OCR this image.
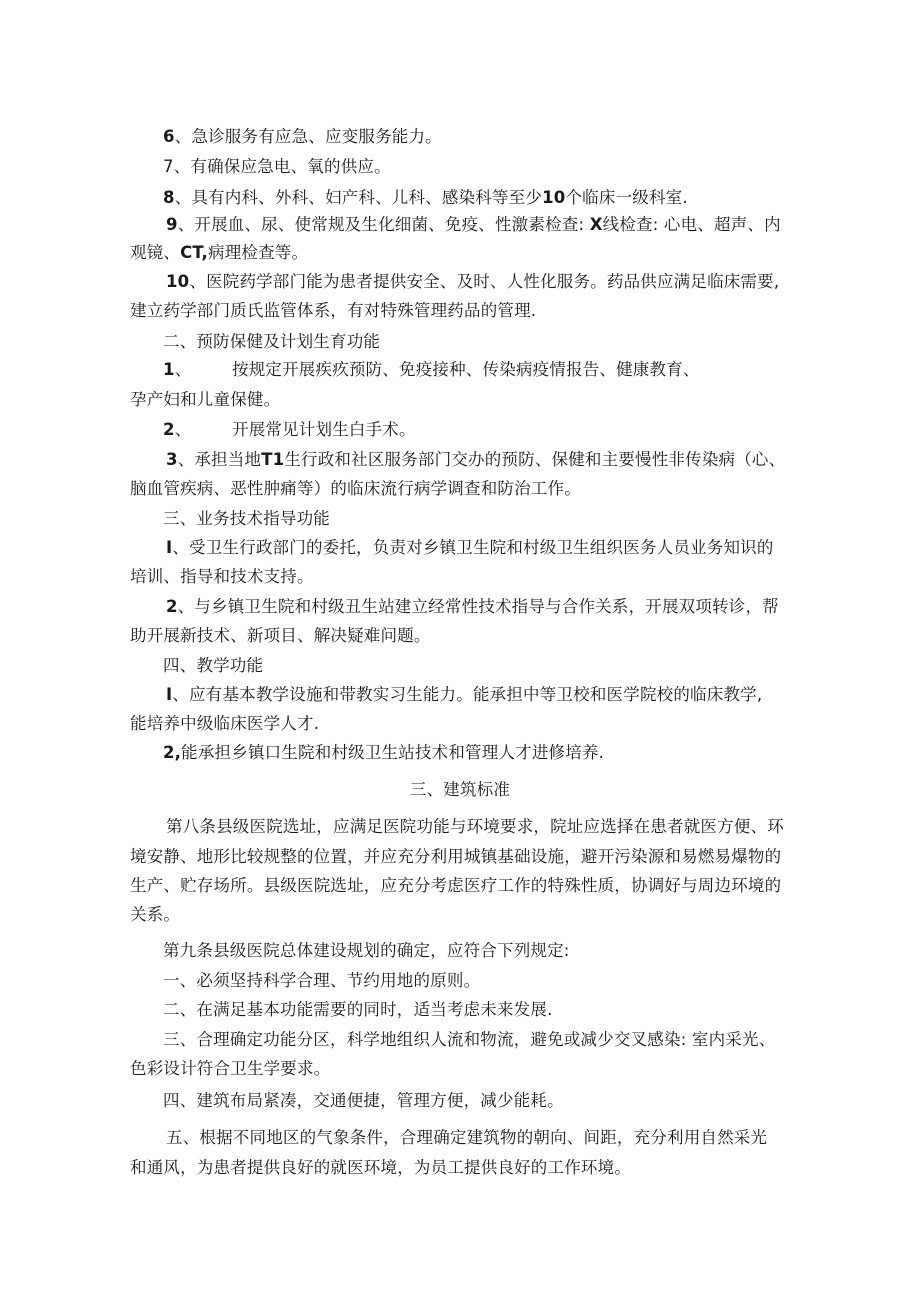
6、急诊服务有应急、应变服务能力。
7、有确保应急电、氧的供应。
8、具有内科、外科、妇产科、儿科、感染科等至少10个临床一级科室.
9、开展血、尿、使常规及生化细菌、免疫、性激素检查: X线检查: 心电、超声、内
观镜、CT,病理检查等。
10、医院药学部门能为患者提供安全、及时、人性化服务。药品供应满足临床需要,
建立药学部门质氏监管体系，有对特殊管理药品的管理.
二、预防保健及计划生育功能
1、 按规定开展疾疚预防、免疫接种、传染病疫情报告、健康教育、
孕产妇和儿童保健。
2、 开展常见计划生白手术。
3、承担当地T1生行政和社区服务部门交办的预防、保健和主要慢性非传染病（心、
脑血管疾病、恶性肿痛等）的临床流行病学调查和防治工作。
三、业务技术指导功能
I、受卫生行政部门的委托，负责对乡镇卫生院和村级卫生组织医务人员业务知识的
培训、指导和技术支持。
2、与乡镇卫生院和村级丑生站建立经常性技术指导与合作关系，开展双项转诊，帮
助开展新技术、新项目、解决疑难问题。
四、教学功能
I、应有基本教学设施和带教实习生能力。能承担中等卫校和医学院校的临床教学,
能培养中级临床医学人才.
2,能承担乡镇口生院和村级卫生站技术和管理人才进修培养.
三、建筑标准
第八条县级医院选址，应满足医院功能与环境要求，院址应选择在患者就医方便、环
境安静、地形比较规整的位置，并应充分利用城镇基础设施，避开污染源和易燃易爆物的
生产、贮存场所。县级医院选址，应充分考虑医疗工作的特殊性质，协调好与周边环境的
关系。
第九条县级医院总体建设规划的确定，应符合下列规定:
一、必须坚持科学合理、节约用地的原则。
二、在满足基本功能需要的同时，适当考虑未来发展.
三、合理确定功能分区，科学地组织人流和物流，避免或减少交叉感染: 室内采光、
色彩设计符合卫生学要求。
四、建筑布局紧凑，交通便捷，管理方便，减少能耗。
五、根据不同地区的气象条件，合理确定建筑物的朝向、间距，充分利用自然采光
和通风，为患者提供良好的就医环境，为员工提供良好的工作环境。
